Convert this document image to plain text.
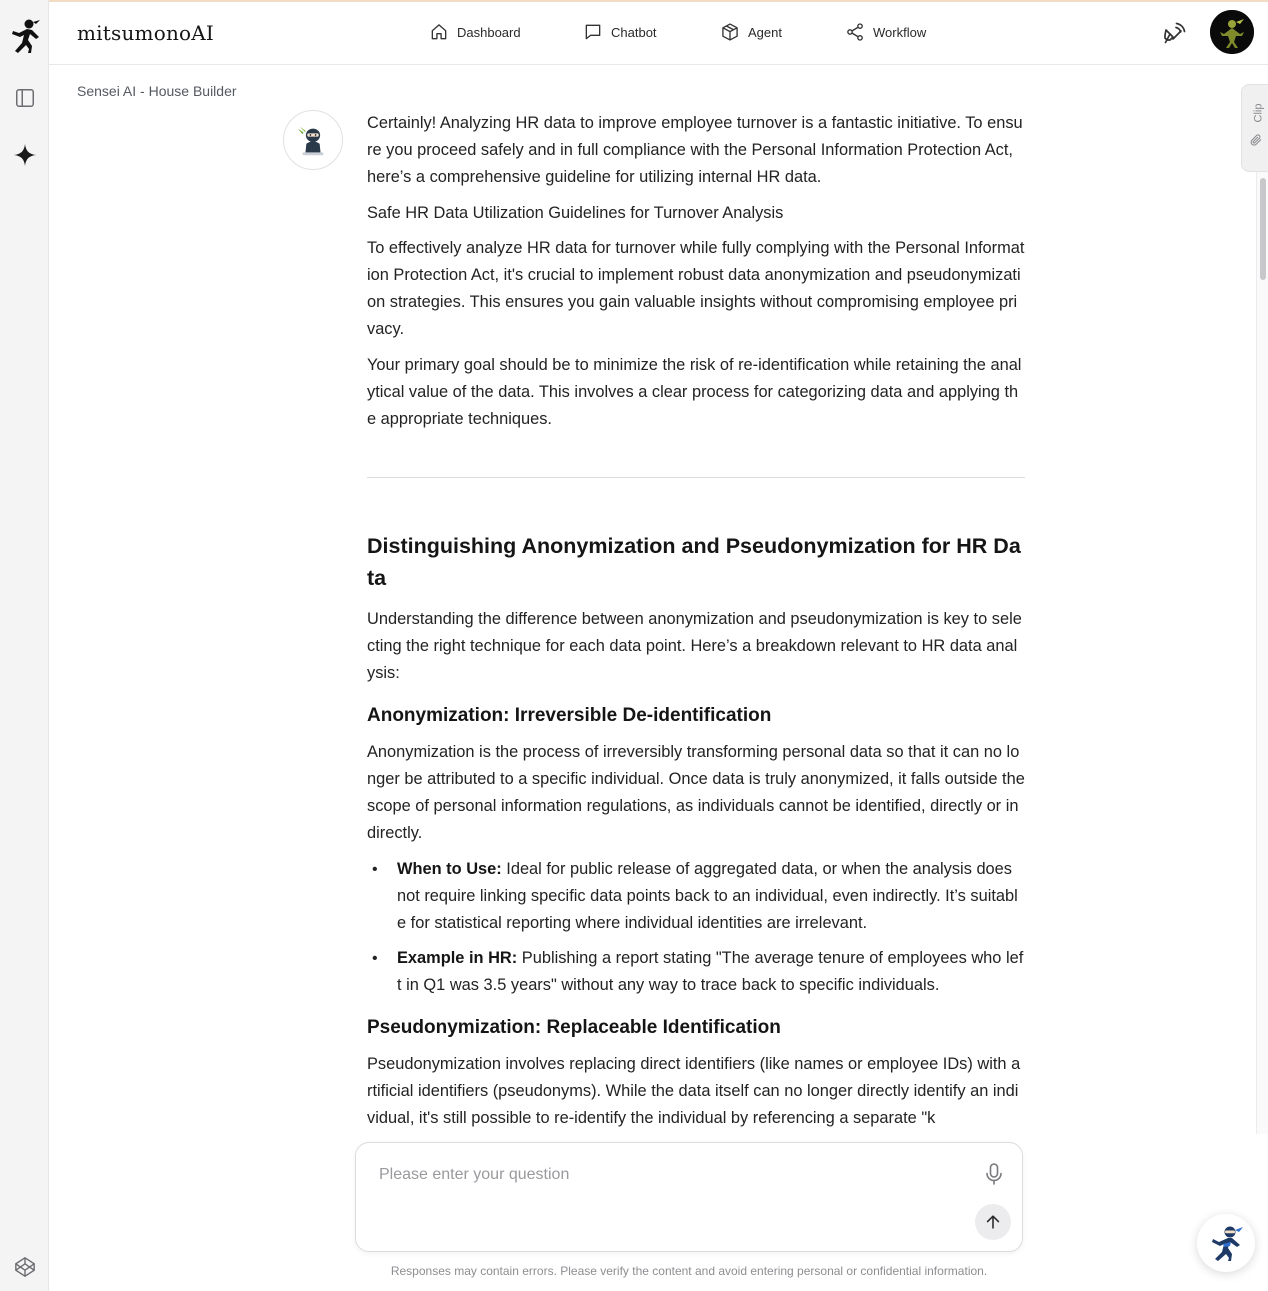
mitsumonoAI	Dashboard	Chatbot	Agent	Workflow
Sensei AI - House Builder
Clip

Certainly! Analyzing HR data to improve employee turnover is a fantastic initiative. To ensure you proceed safely and in full compliance with the Personal Information Protection Act, here’s a comprehensive guideline for utilizing internal HR data.

Safe HR Data Utilization Guidelines for Turnover Analysis

To effectively analyze HR data for turnover while fully complying with the Personal Information Protection Act, it's crucial to implement robust data anonymization and pseudonymization strategies. This ensures you gain valuable insights without compromising employee privacy.

Your primary goal should be to minimize the risk of re-identification while retaining the analytical value of the data. This involves a clear process for categorizing data and applying the appropriate techniques.

Distinguishing Anonymization and Pseudonymization for HR Data

Understanding the difference between anonymization and pseudonymization is key to selecting the right technique for each data point. Here’s a breakdown relevant to HR data analysis:

Anonymization: Irreversible De-identification

Anonymization is the process of irreversibly transforming personal data so that it can no longer be attributed to a specific individual. Once data is truly anonymized, it falls outside the scope of personal information regulations, as individuals cannot be identified, directly or indirectly.

• When to Use: Ideal for public release of aggregated data, or when the analysis does not require linking specific data points back to an individual, even indirectly. It’s suitable for statistical reporting where individual identities are irrelevant.
• Example in HR: Publishing a report stating "The average tenure of employees who left in Q1 was 3.5 years" without any way to trace back to specific individuals.
Pseudonymization: Replaceable Identification

Pseudonymization involves replacing direct identifiers (like names or employee IDs) with artificial identifiers (pseudonyms). While the data itself can no longer directly identify an individual, it's still possible to re-identify the individual by referencing a separate "k

Please enter your question
Responses may contain errors. Please verify the content and avoid entering personal or confidential information.
